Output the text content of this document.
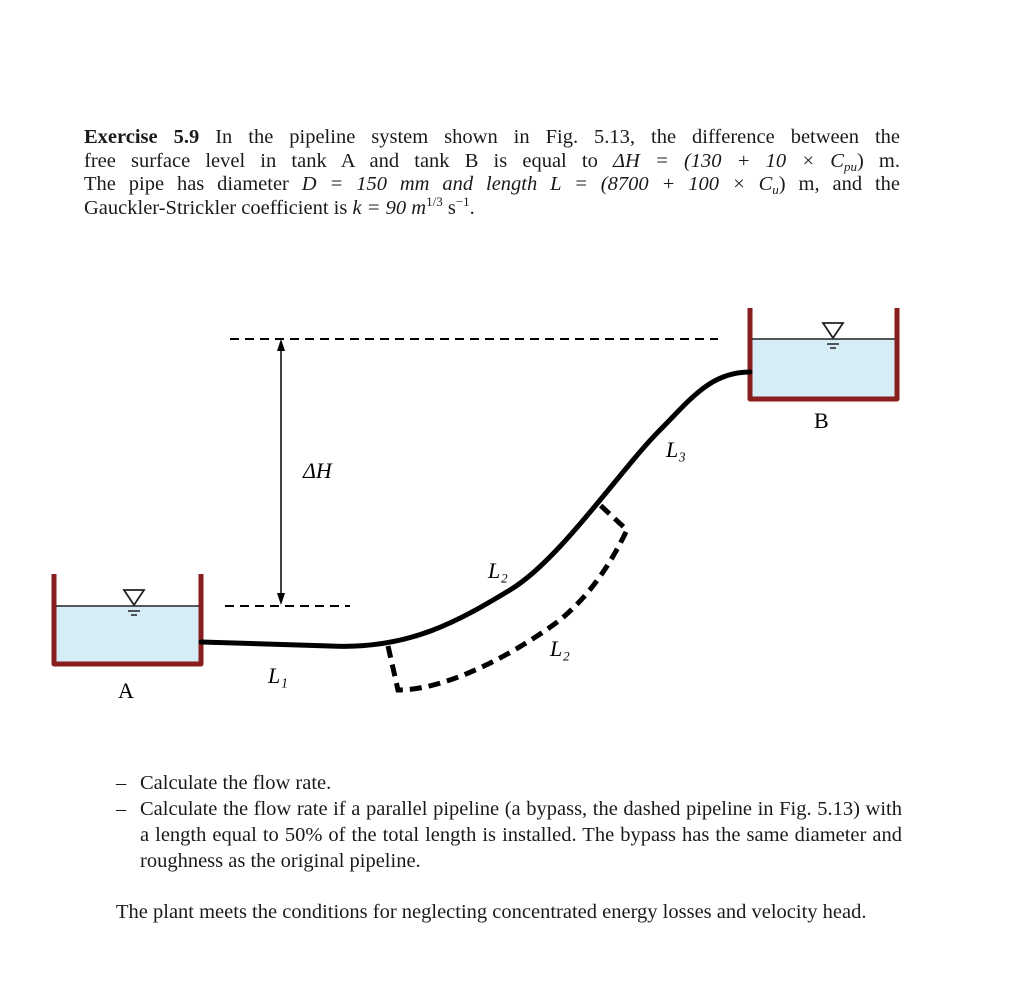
Exercise 5.9 In the pipeline system shown in Fig. 5.13, the difference between the
free surface level in tank A and tank B is equal to $\Delta H = (130 + 10 \times C_{pu})$ m.
The pipe has diameter D = 150 mm and length $L = (8700 + 100 \times C_u)$ m, and the
Gauckler-Strickler coefficient is k = 90 $m^{1/3}$ $s^{-1}$.
ΔH
A
B
L₁
L₂
L₂
L₃
– Calculate the flow rate.
– Calculate the flow rate if a parallel pipeline (a bypass, the dashed pipeline in Fig. 5.13) with a length equal to 50% of the total length is installed. The bypass has the same diameter and roughness as the original pipeline.

The plant meets the conditions for neglecting concentrated energy losses and velocity head.
